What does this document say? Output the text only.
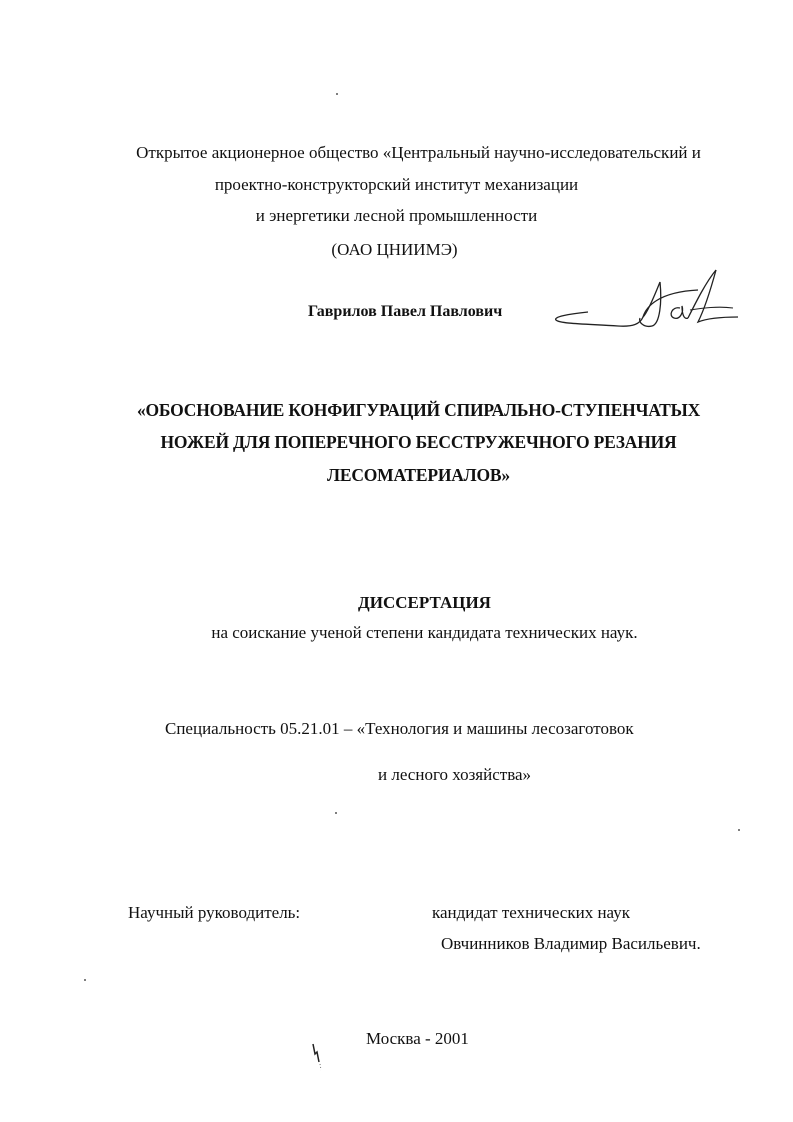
Открытое акционерное общество «Центральный научно-исследовательский и
проектно-конструкторский институт механизации
и энергетики лесной промышленности
(ОАО ЦНИИМЭ)
Гаврилов Павел Павлович
«ОБОСНОВАНИЕ КОНФИГУРАЦИЙ СПИРАЛЬНО-СТУПЕНЧАТЫХ
НОЖЕЙ ДЛЯ ПОПЕРЕЧНОГО БЕССТРУЖЕЧНОГО РЕЗАНИЯ
ЛЕСОМАТЕРИАЛОВ»
ДИССЕРТАЦИЯ
на соискание ученой степени кандидата технических наук.
Специальность 05.21.01 – «Технология и машины лесозаготовок
и лесного хозяйства»
Научный руководитель:	кандидат технических наук
Овчинников Владимир Васильевич.
Москва - 2001
